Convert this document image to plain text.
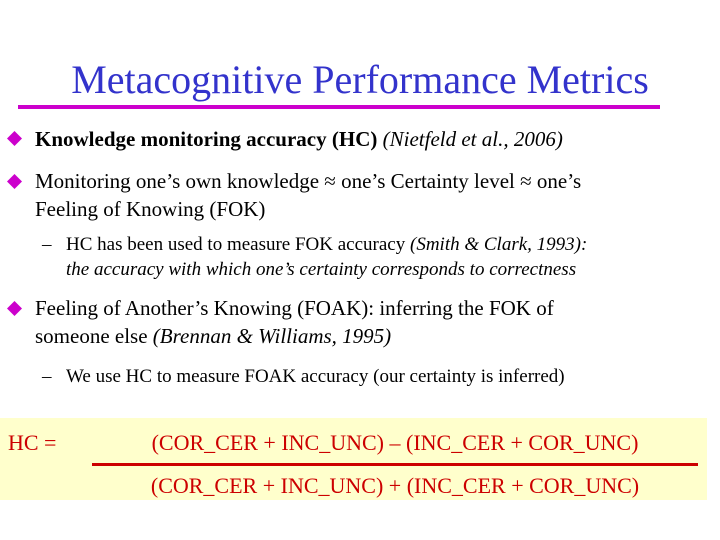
Metacognitive Performance Metrics

Knowledge monitoring accuracy (HC) (Nietfeld et al., 2006)

Monitoring one’s own knowledge ≈ one’s Certainty level ≈ one’s
Feeling of Knowing (FOK)

– HC has been used to measure FOK accuracy (Smith & Clark, 1993):
the accuracy with which one’s certainty corresponds to correctness

Feeling of Another’s Knowing (FOAK): inferring the FOK of
someone else (Brennan & Williams, 1995)

– We use HC to measure FOAK accuracy (our certainty is inferred)

HC =	(COR_CER + INC_UNC) – (INC_CER + COR_UNC)
(COR_CER + INC_UNC) + (INC_CER + COR_UNC)
